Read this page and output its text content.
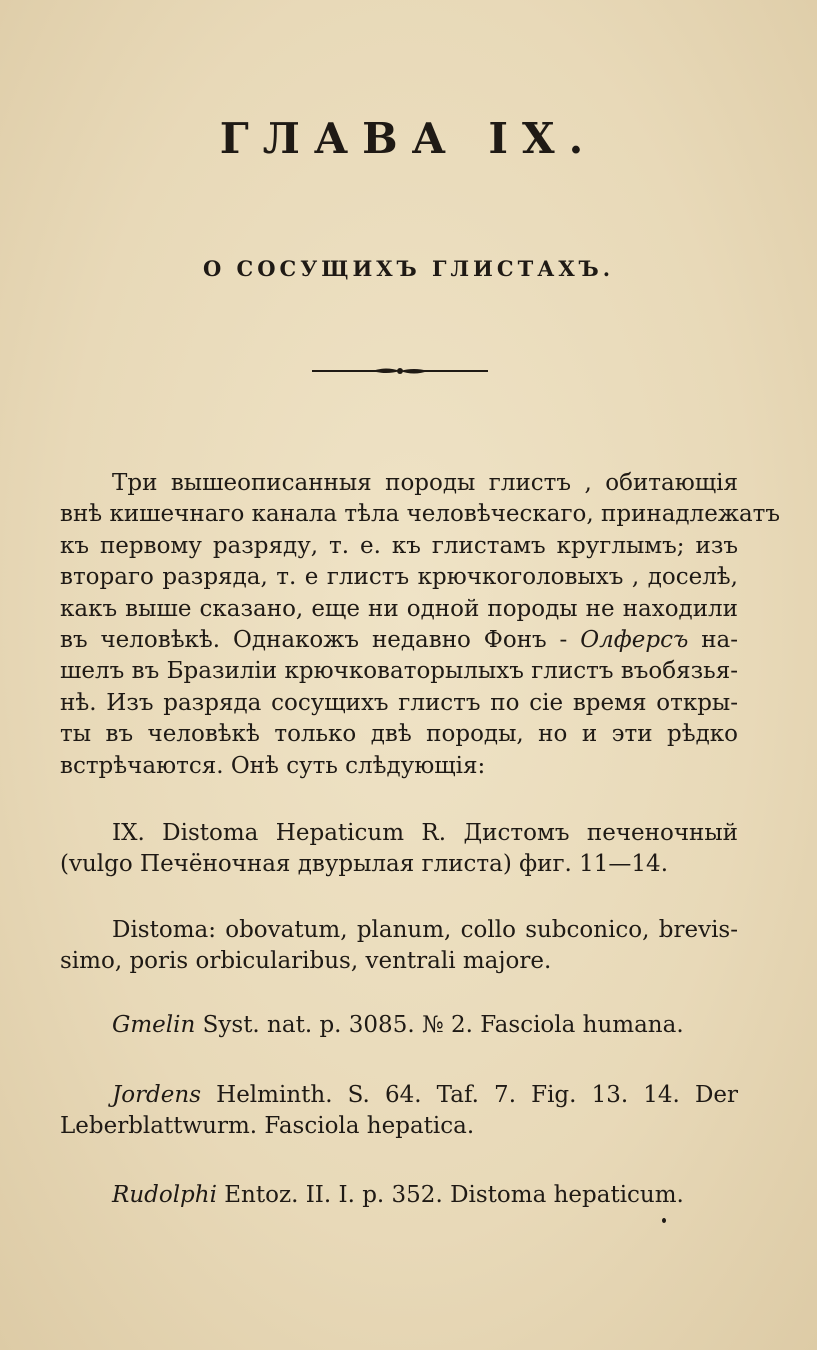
ГЛАВА IX.
О СОСУЩИХЪ ГЛИСТАХЪ.
Три вышеописанныя породы глистъ , обитающія
внѣ кишечнаго канала тѣла человѣческаго, принадлежатъ
къ первому разряду, т. е. къ глистамъ круглымъ; изъ
втораго разряда, т. е глистъ крючкоголовыхъ , доселѣ,
какъ выше сказано, еще ни одной породы не находили
въ человѣкѣ. Однакожъ недавно Фонъ - Олферсъ на-
шелъ въ Бразиліи крючковаторылыхъ глистъ въобязья-
нѣ. Изъ разряда сосущихъ глистъ по сіе время откры-
ты въ человѣкѣ только двѣ породы, но и эти рѣдко
встрѣчаются. Онѣ суть слѣдующія:
IX. Distoma Hepaticum R. Дистомъ печеночный
(vulgo Печёночная двурылая глиста) фиг. 11—14.
Distoma: obovatum, planum, collo subconico, brevis-
simo, poris orbicularibus, ventrali majore.
Gmelin Syst. nat. p. 3085. № 2. Fasciola humana.
Jordens Helminth. S. 64. Taf. 7. Fig. 13. 14. Der
Leberblattwurm. Fasciola hepatica.
Rudolphi Entoz. II. I. p. 352. Distoma hepaticum.
